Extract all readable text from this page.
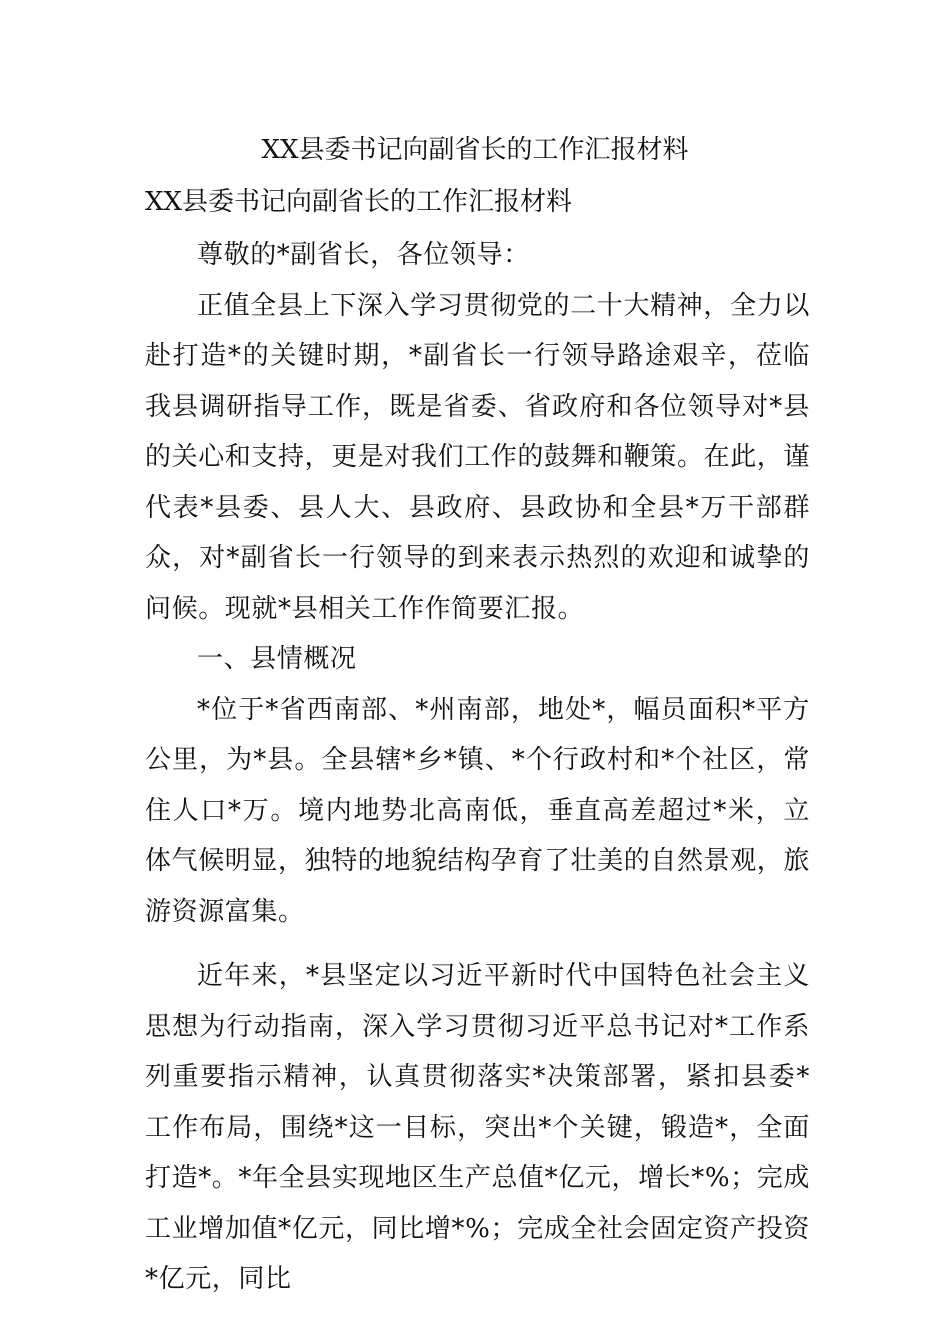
XX县委书记向副省长的工作汇报材料
XX县委书记向副省长的工作汇报材料

尊敬的*副省长，各位领导：

正值全县上下深入学习贯彻党的二十大精神，全力以赴打造*的关键时期，*副省长一行领导路途艰辛，莅临我县调研指导工作，既是省委、省政府和各位领导对*县的关心和支持，更是对我们工作的鼓舞和鞭策。在此，谨代表*县委、县人大、县政府、县政协和全县*万干部群众，对*副省长一行领导的到来表示热烈的欢迎和诚挚的问候。现就*县相关工作作简要汇报。

一、县情概况

*位于*省西南部、*州南部，地处*，幅员面积*平方公里，为*县。全县辖*乡*镇、*个行政村和*个社区，常住人口*万。境内地势北高南低，垂直高差超过*米，立体气候明显，独特的地貌结构孕育了壮美的自然景观，旅游资源富集。

近年来，*县坚定以习近平新时代中国特色社会主义思想为行动指南，深入学习贯彻习近平总书记对*工作系列重要指示精神，认真贯彻落实*决策部署，紧扣县委*工作布局，围绕*这一目标，突出*个关键，锻造*，全面打造*。*年全县实现地区生产总值*亿元，增长*%；完成工业增加值*亿元，同比增*%；完成全社会固定资产投资*亿元，同比
